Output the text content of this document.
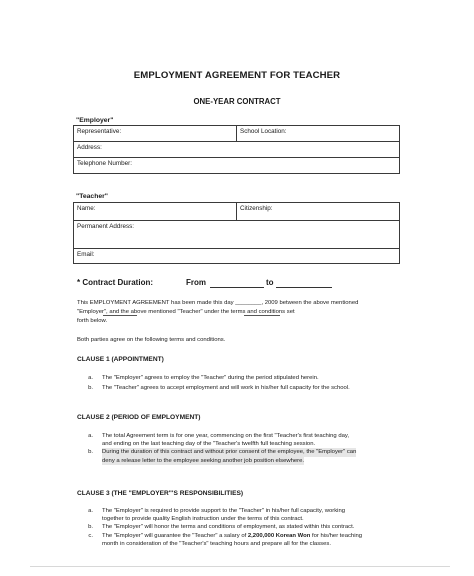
EMPLOYMENT AGREEMENT FOR TEACHER
ONE-YEAR CONTRACT
"Employer"
Representative:	School Location:
Address:
Telephone Number:
"Teacher"
Name:	Citizenship:
Permanent Address:
Email:
* Contract Duration:	From	to
This EMPLOYMENT AGREEMENT has been made this day ________, 2009 between the above mentioned
"Employer", and the above mentioned "Teacher" under the terms and conditions set
forth below.
Both parties agree on the following terms and conditions.
CLAUSE 1 (APPOINTMENT)
a.	The "Employer" agrees to employ the "Teacher" during the period stipulated herein.
b.	The "Teacher" agrees to accept employment and will work in his/her full capacity for the school.
CLAUSE 2 (PERIOD OF EMPLOYMENT)
a.	The total Agreement term is for one year, commencing on the first "Teacher's first teaching day,
and ending on the last teaching day of the "Teacher's twelfth full teaching session.
b.	During the duration of this contract and without prior consent of the employee, the "Employer" can
deny a release letter to the employee seeking another job position elsewhere.
CLAUSE 3 (THE "EMPLOYER"'S RESPONSIBILITIES)
a.	The "Employer" is required to provide support to the "Teacher" in his/her full capacity, working
together to provide quality English instruction under the terms of this contract.
b.	The "Employer" will honor the terms and conditions of employment, as stated within this contract.
c.	The "Employer" will guarantee the "Teacher" a salary of 2,200,000 Korean Won for his/her teaching
month in consideration of the "Teacher's" teaching hours and prepare all for the classes.
